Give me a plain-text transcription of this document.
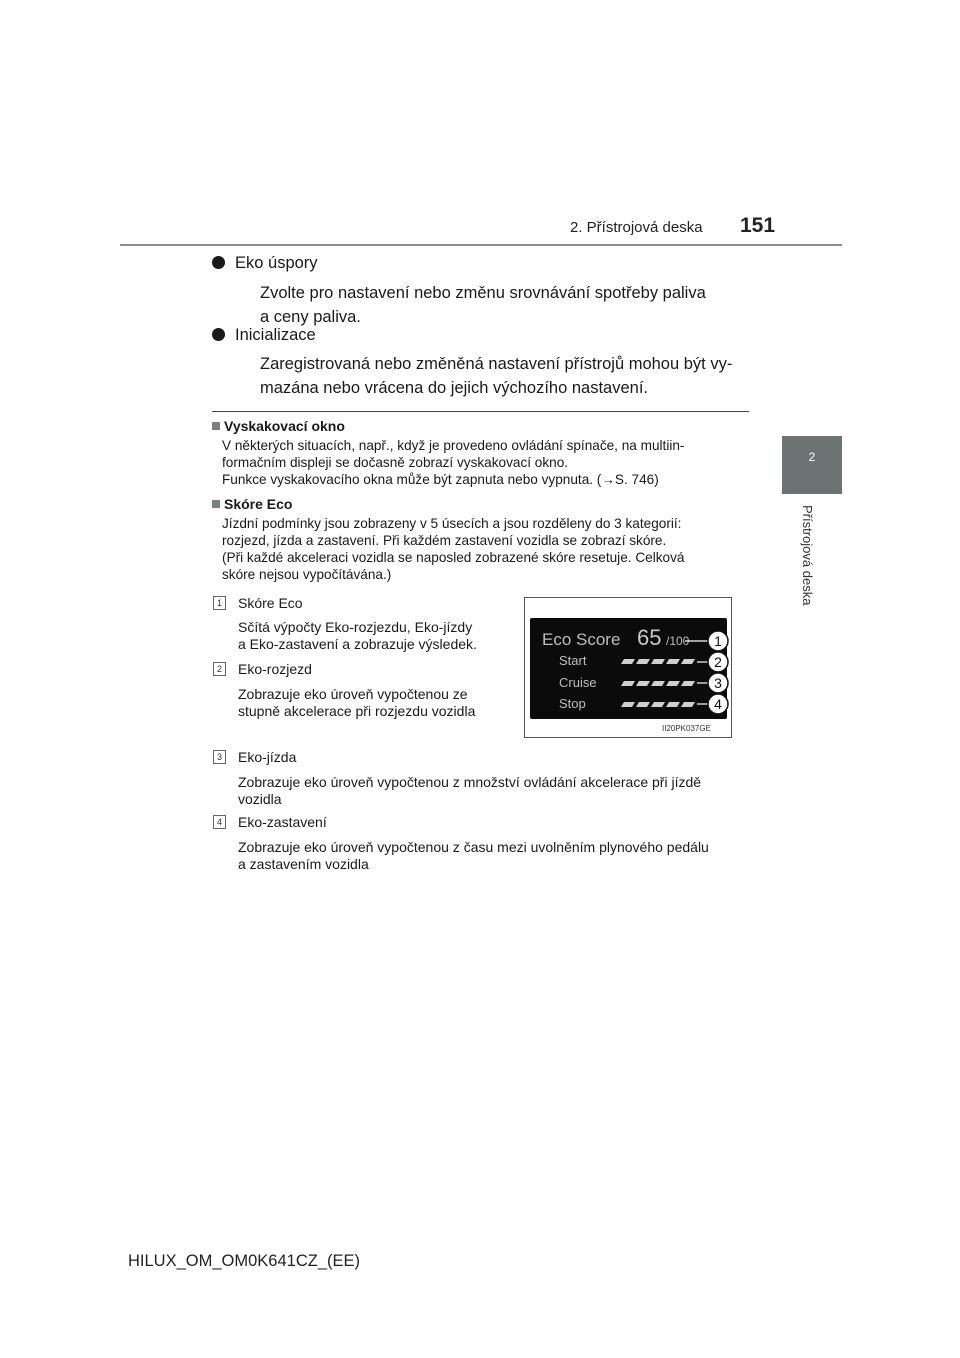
2. Přístrojová deska 151
2
Přístrojová deska
Eko úspory
Zvolte pro nastavení nebo změnu srovnávání spotřeby paliva
a ceny paliva.
Inicializace
Zaregistrovaná nebo změněná nastavení přístrojů mohou být vy-
mazána nebo vrácena do jejich výchozího nastavení.
Vyskakovací okno

V některých situacích, např., když je provedeno ovládání spínače, na multiin-

formačním displeji se dočasně zobrazí vyskakovací okno.

Funkce vyskakovacího okna může být zapnuta nebo vypnuta. (→S. 746)

Skóre Eco

Jízdní podmínky jsou zobrazeny v 5 úsecích a jsou rozděleny do 3 kategorií:

rozjezd, jízda a zastavení. Při každém zastavení vozidla se zobrazí skóre.

(Při každé akceleraci vozidla se naposled zobrazené skóre resetuje. Celková

skóre nejsou vypočítávána.)

1 Skóre Eco
Sčítá výpočty Eko-rozjezdu, Eko-jízdy
a Eko-zastavení a zobrazuje výsledek.
2 Eko-rozjezd
Zobrazuje eko úroveň vypočtenou ze
stupně akcelerace při rozjezdu vozidla
Eco Score 65 /100
Start
Cruise
Stop
1
2
3
4
II20PK037GE
3 Eko-jízda
Zobrazuje eko úroveň vypočtenou z množství ovládání akcelerace při jízdě
vozidla
4 Eko-zastavení
Zobrazuje eko úroveň vypočtenou z času mezi uvolněním plynového pedálu
a zastavením vozidla
HILUX_OM_OM0K641CZ_(EE)
